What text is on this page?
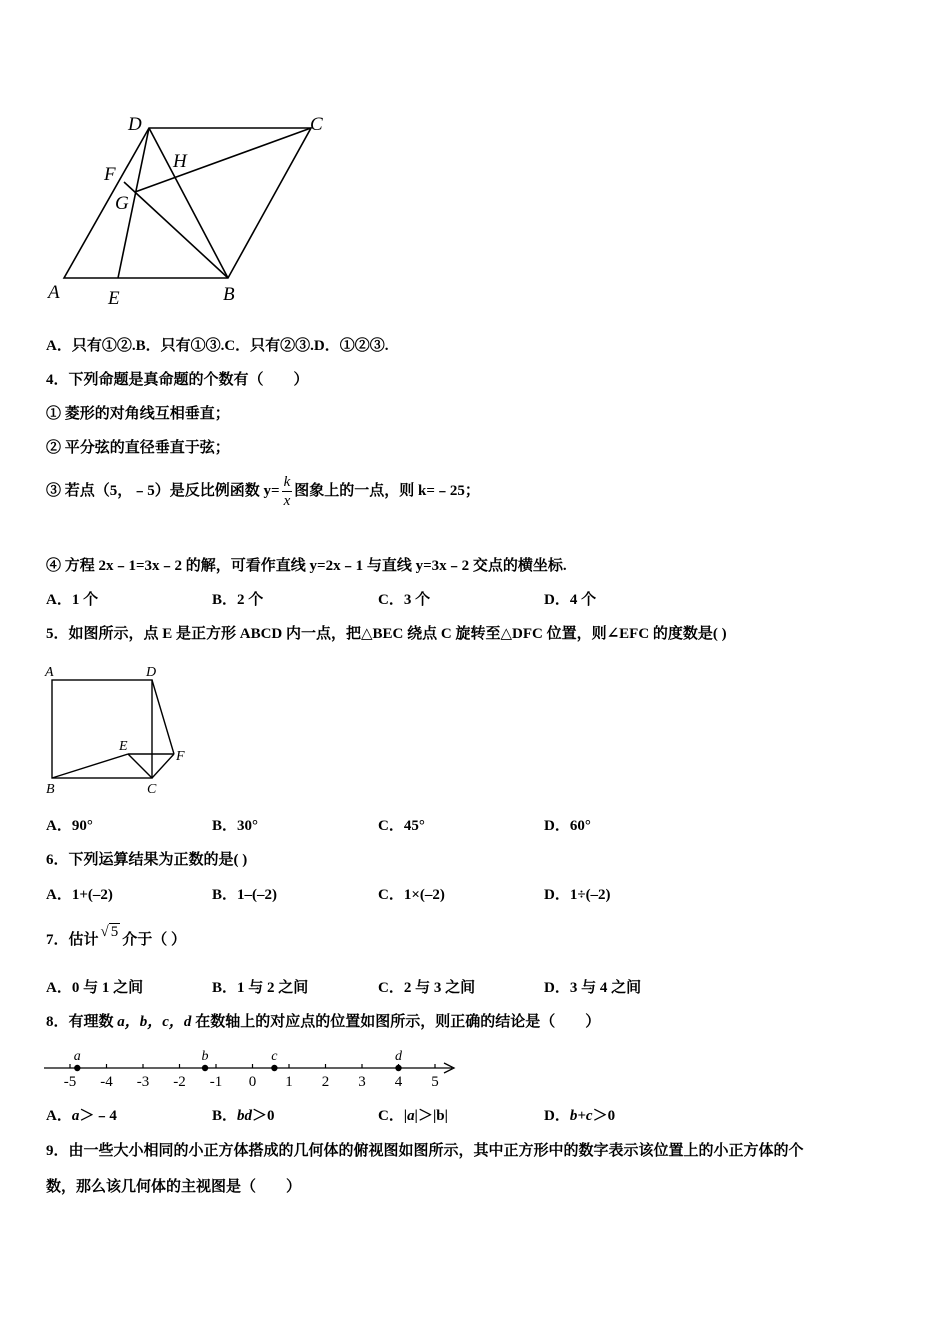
D	C
H
F
G
A	E	B
A．只有①②.B．只有①③.C．只有②③.D．①②③.
4．下列命题是真命题的个数有（　　）
① 菱形的对角线互相垂直；
② 平分弦的直径垂直于弦；
③ 若点（5，﹣5）是反比例函数 $y= \frac{k}{x}$ 图象上的一点，则 k=﹣25；
④ 方程 2x﹣1=3x﹣2 的解，可看作直线 y=2x﹣1 与直线 y=3x﹣2 交点的横坐标.
A．1 个	B．2 个	C．3 个	D．4 个
5．如图所示，点 E 是正方形 ABCD 内一点，把△BEC 绕点 C 旋转至△DFC 位置，则∠EFC 的度数是( )
A	D
E
F
B	C
A．90°	B．30°	C．45°	D．60°
6．下列运算结果为正数的是( )
A．1+(–2)	B．1–(–2)	C．1×(–2)	D．1÷(–2)
7．估计 √ 5 介于（ ）
A．0 与 1 之间	B．1 与 2 之间	C．2 与 3 之间	D．3 与 4 之间
8．有理数 a，b，c，d 在数轴上的对应点的位置如图所示，则正确的结论是（　　）
-5 -4 -3 -2 -1 0 1 2 3 4 5
a	b	c	d
A．a＞﹣4	B．bd＞0	C．|a|＞|b|	D．b+c＞0
9．由一些大小相同的小正方体搭成的几何体的俯视图如图所示，其中正方形中的数字表示该位置上的小正方体的个
数，那么该几何体的主视图是（　　）
